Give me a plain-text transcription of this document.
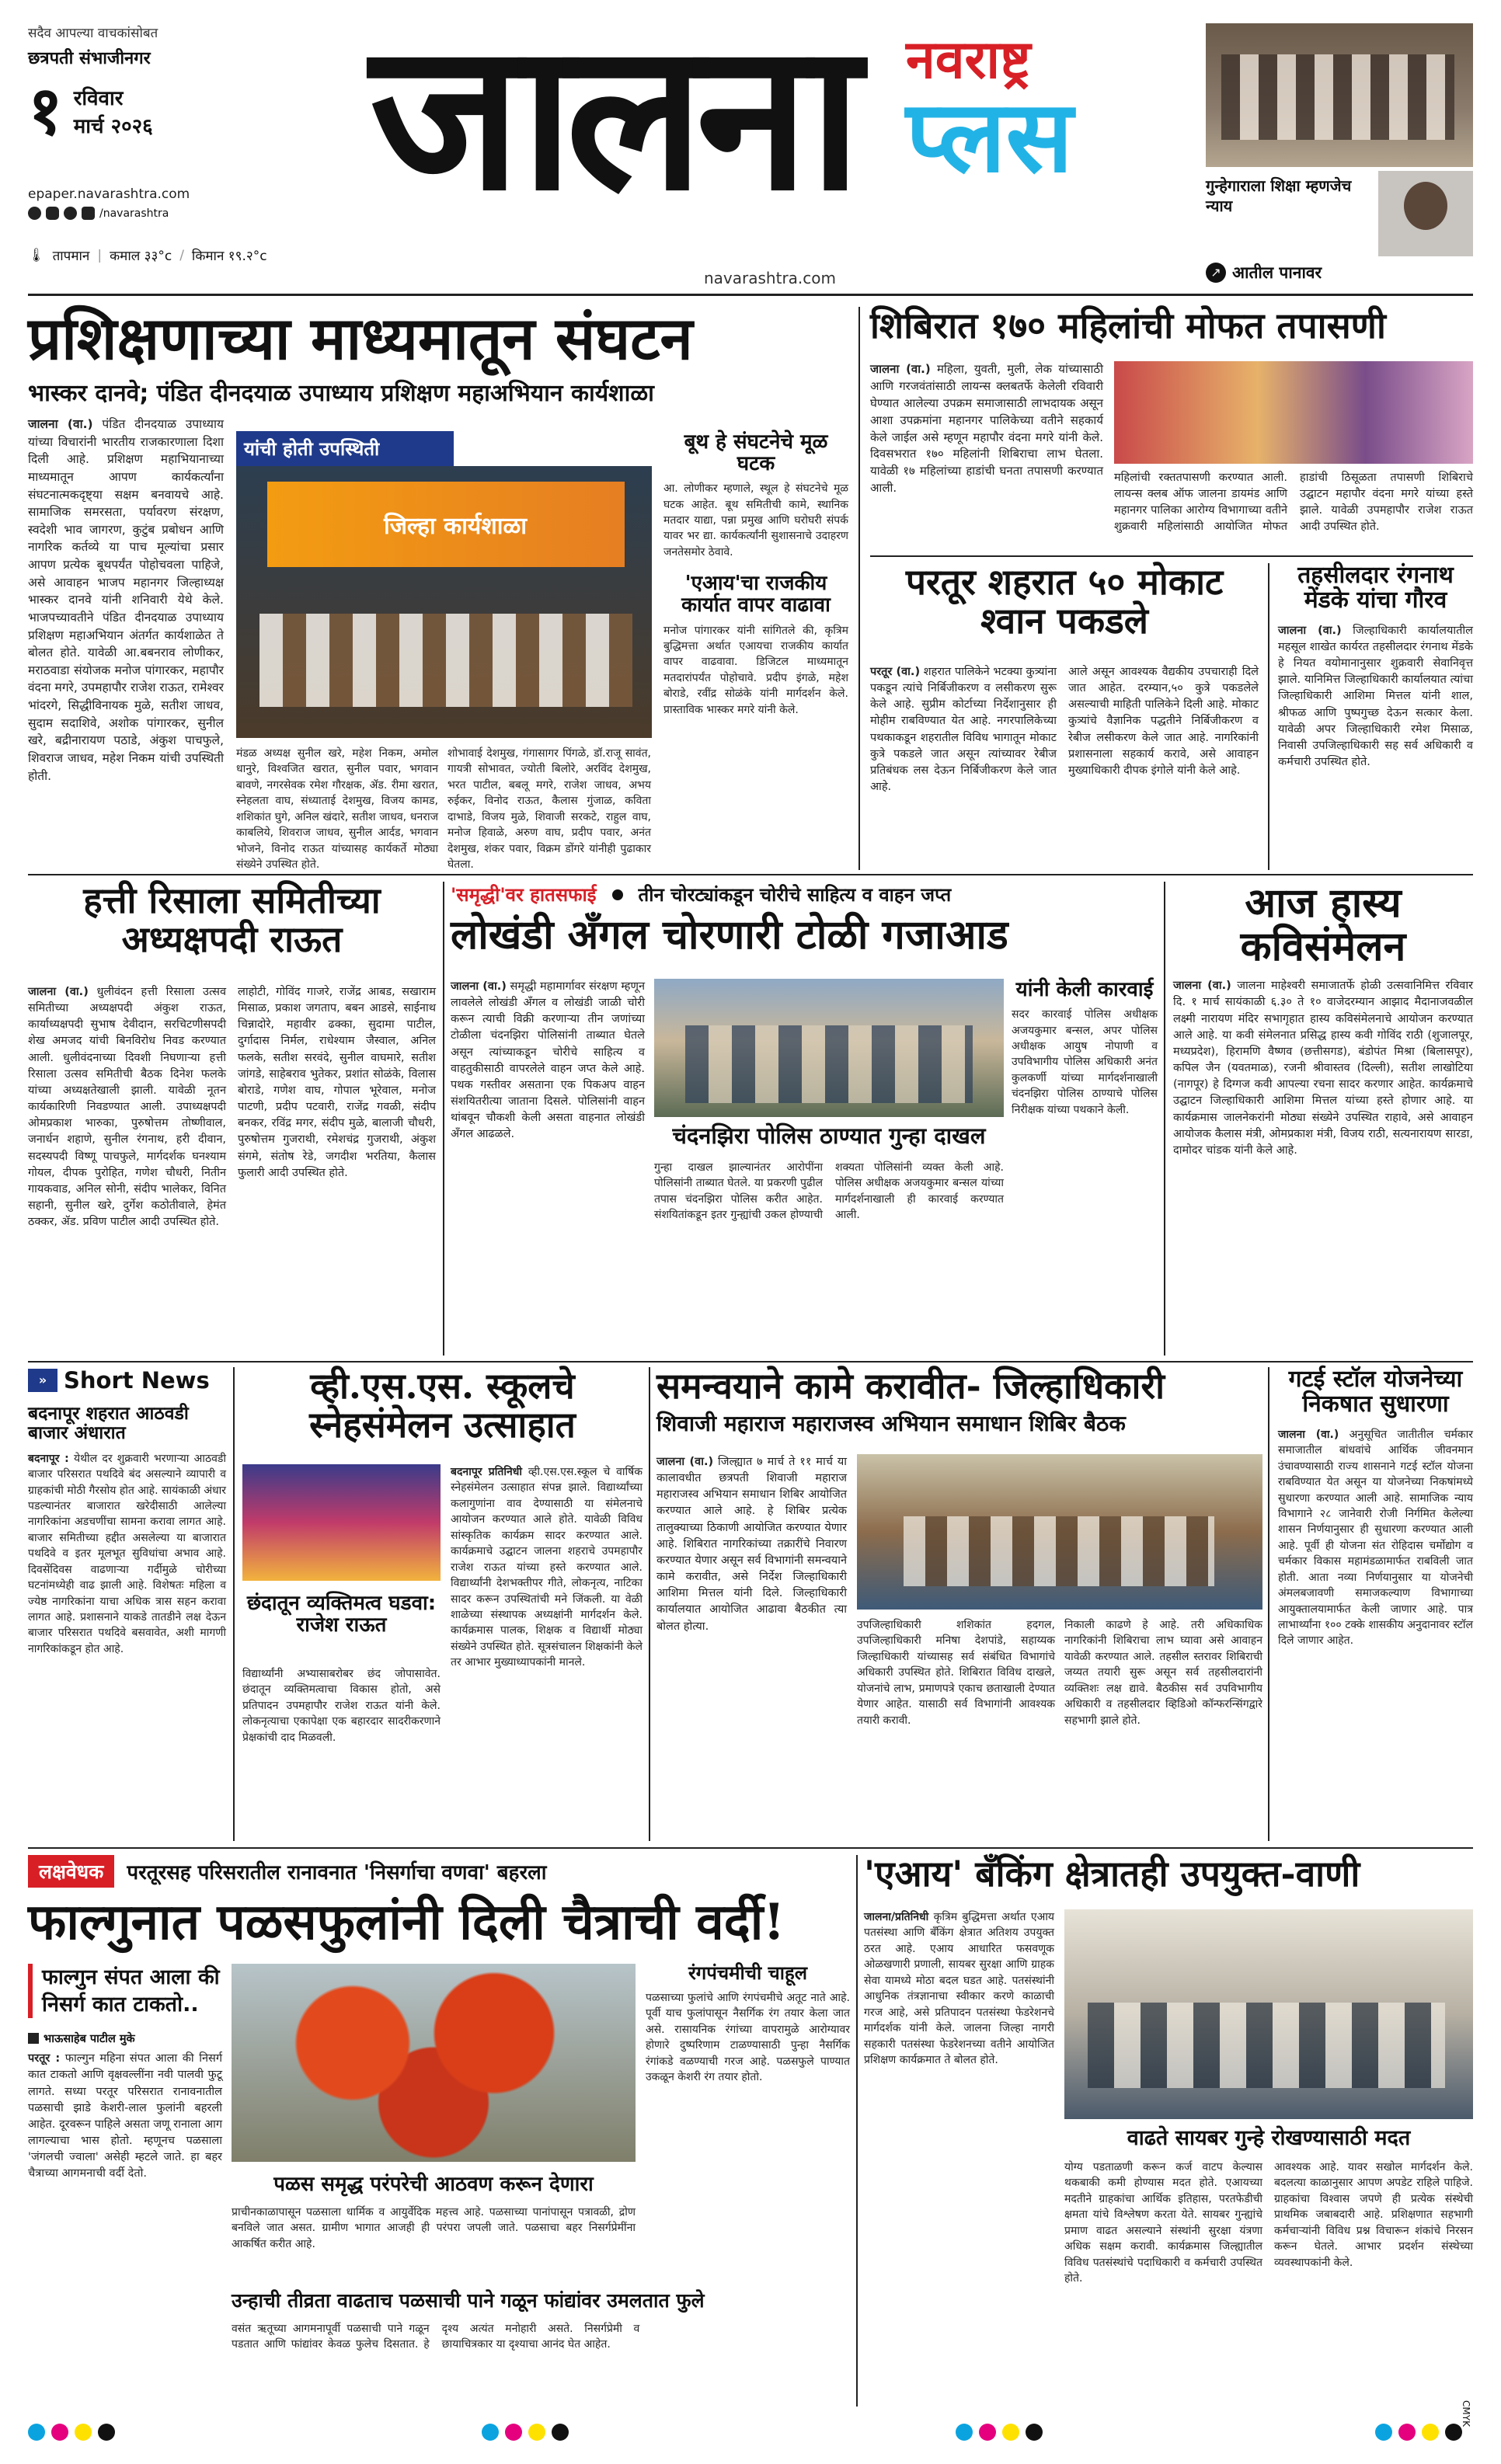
सदैव आपल्या वाचकांसोबत
छत्रपती संभाजीनगर
१ रविवार
मार्च २०२६
epaper.navarashtra.com
/navarashtra
🌡 तापमान | कमाल ३३°c / किमान १९.२°c
जालना नवराष्ट्र
प्लस	गुन्हेगाराला शिक्षा म्हणजेच न्याय
↗ आतील पानावर
navarashtra.com
प्रशिक्षणाच्या माध्यमातून संघटन
भास्कर दानवे; पंडित दीनदयाळ उपाध्याय प्रशिक्षण महाअभियान कार्यशाळा
जालना (वा.) पंडित दीनदयाळ उपाध्याय यांच्या विचारांनी भारतीय राजकारणाला दिशा दिली आहे. प्रशिक्षण महाभियानाच्या माध्यमातून आपण कार्यकर्त्यांना संघटनात्मकदृष्ट्या सक्षम बनवायचे आहे. सामाजिक समरसता, पर्यावरण संरक्षण, स्वदेशी भाव जागरण, कुटुंब प्रबोधन आणि नागरिक कर्तव्ये या पाच मूल्यांचा प्रसार आपण प्रत्येक बूथपर्यंत पोहोचवला पाहिजे, असे आवाहन भाजप महानगर जिल्हाध्यक्ष भास्कर दानवे यांनी शनिवारी येथे केले. भाजपच्यावतीने पंडित दीनदयाळ उपाध्याय प्रशिक्षण महाअभियान अंतर्गत कार्यशाळेत ते बोलत होते. यावेळी आ.बबनराव लोणीकर, मराठवाडा संयोजक मनोज पांगारकर, महापौर वंदना मगरे, उपमहापौर राजेश राऊत, रामेश्वर भांदरगे, सिद्धीविनायक मुळे, सतीश जाधव, सुदाम सदाशिवे, अशोक पांगारकर, सुनील खरे, बद्रीनारायण पठाडे, अंकुश पाचफुले, शिवराज जाधव, महेश निकम यांची उपस्थिती होती.
यांची होती उपस्थिती
जिल्हा कार्यशाळा
मंडळ अध्यक्ष सुनील खरे, महेश निकम, अमोल धानुरे, विश्वजित खरात, सुनील पवार, भगवान बावणे, नगरसेवक रमेश गौरक्षक, ॲड. रीमा खरात, स्नेहलता वाघ, संध्याताई देशमुख, विजय कामड, शशिकांत घुगे, अनिल खंदारे, सतीश जाधव, धनराज काबलिये, शिवराज जाधव, सुनील आर्दड, भगवान भोजने, विनोद राऊत यांच्यासह कार्यकर्ते मोठ्या संख्येने उपस्थित होते.
शोभावाई देशमुख, गंगासागर पिंगळे, डॉ.राजू सावंत, गायत्री सोभावत, ज्योती बिलोरे, अरविंद देशमुख, भरत पाटील, बबलू मगरे, राजेश जाधव, अभय रुईकर, विनोद राऊत, कैलास गुंजाळ, कविता दाभाडे, विजय मुळे, शिवाजी सरकटे, राहुल वाघ, मनोज हिवाळे, अरुण वाघ, प्रदीप पवार, अनंत देशमुख, शंकर पवार, विक्रम डोंगरे यांनीही पुढाकार घेतला.
बूथ हे संघटनेचे मूळ घटक
आ. लोणीकर म्हणाले, स्थूल हे संघटनेचे मूळ घटक आहेत. बूथ समितीची कामे, स्थानिक मतदार याद्या, पन्ना प्रमुख आणि घरोघरी संपर्क यावर भर द्या. कार्यकर्त्यांनी सुशासनाचे उदाहरण जनतेसमोर ठेवावे.
'एआय'चा राजकीय कार्यात वापर वाढावा
मनोज पांगारकर यांनी सांगितले की, कृत्रिम बुद्धिमत्ता अर्थात एआयचा राजकीय कार्यात वापर वाढवावा. डिजिटल माध्यमातून मतदारांपर्यंत पोहोचावे. प्रदीप इंगळे, महेश बोराडे, रवींद्र सोळंके यांनी मार्गदर्शन केले. प्रास्ताविक भास्कर मगरे यांनी केले.
शिबिरात १७० महिलांची मोफत तपासणी
जालना (वा.) महिला, युवती, मुली, लेक यांच्यासाठी आणि गरजवंतांसाठी लायन्स क्लबतर्फे केलेली रविवारी घेण्यात आलेल्या उपक्रम समाजासाठी लाभदायक असून आशा उपक्रमांना महानगर पालिकेच्या वतीने सहकार्य केले जाईल असे म्हणून महापौर वंदना मगरे यांनी केले. दिवसभरात १७० महिलांनी शिबिराचा लाभ घेतला. यावेळी १७ महिलांच्या हाडांची घनता तपासणी करण्यात आली.
महिलांची रक्ततपासणी करण्यात आली. लायन्स क्लब ऑफ जालना डायमंड आणि महानगर पालिका आरोग्य विभागाच्या वतीने शुक्रवारी महिलांसाठी आयोजित मोफत हाडांची ठिसूळता तपासणी शिबिराचे उद्घाटन महापौर वंदना मगरे यांच्या हस्ते झाले. यावेळी उपमहापौर राजेश राऊत आदी उपस्थित होते.
परतूर शहरात ५० मोकाट श्वान पकडले
परतूर (वा.) शहरात पालिकेने भटक्या कुत्र्यांना पकडून त्यांचे निर्बिजीकरण व लसीकरण सुरू केले आहे. सुप्रीम कोर्टाच्या निर्देशानुसार ही मोहीम राबविण्यात येत आहे. नगरपालिकेच्या पथकाकडून शहरातील विविध भागातून मोकाट कुत्रे पकडले जात असून त्यांच्यावर रेबीज प्रतिबंधक लस देऊन निर्बिजीकरण केले जात आहे.
आले असून आवश्यक वैद्यकीय उपचाराही दिले जात आहेत. दरम्यान,५० कुत्रे पकडलेले असल्याची माहिती पालिकेने दिली आहे. मोकाट कुत्र्यांचे वैज्ञानिक पद्धतीने निर्बिजीकरण व रेबीज लसीकरण केले जात आहे. नागरिकांनी प्रशासनाला सहकार्य करावे, असे आवाहन मुख्याधिकारी दीपक इंगोले यांनी केले आहे.
तहसीलदार रंगनाथ मेंडके यांचा गौरव
जालना (वा.) जिल्हाधिकारी कार्यालयातील महसूल शाखेत कार्यरत तहसीलदार रंगनाथ मेंडके हे नियत वयोमानानुसार शुक्रवारी सेवानिवृत्त झाले. यानिमित्त जिल्हाधिकारी कार्यालयात त्यांचा जिल्हाधिकारी आशिमा मित्तल यांनी शाल, श्रीफळ आणि पुष्पगुच्छ देऊन सत्कार केला. यावेळी अपर जिल्हाधिकारी रमेश मिसाळ, निवासी उपजिल्हाधिकारी सह सर्व अधिकारी व कर्मचारी उपस्थित होते.
हत्ती रिसाला समितीच्या अध्यक्षपदी राऊत
जालना (वा.) धुलीवंदन हत्ती रिसाला उत्सव समितीच्या अध्यक्षपदी अंकुश राऊत, कार्याध्यक्षपदी सुभाष देवीदान, सरचिटणीसपदी शेख अमजद यांची बिनविरोध निवड करण्यात आली. धुलीवंदनाच्या दिवशी निघणाऱ्या हत्ती रिसाला उत्सव समितीची बैठक दिनेश फलके यांच्या अध्यक्षतेखाली झाली. यावेळी नूतन कार्यकारिणी निवडण्यात आली. उपाध्यक्षपदी ओमप्रकाश भारुका, पुरुषोत्तम तोष्णीवाल, जनार्धन शहाणे, सुनील रंगनाथ, हरी दीवान, सदस्यपदी विष्णू पाचफुले, मार्गदर्शक घनश्याम गोयल, दीपक पुरोहित, गणेश चौधरी, नितीन गायकवाड, अनिल सोनी, संदीप भालेकर, विनित सहानी, सुनील खरे, दुर्गेश कठोतीवाले, हेमंत ठक्कर, ॲड. प्रविण पाटील आदी उपस्थित होते.
लाहोटी, गोविंद गाजरे, राजेंद्र आबड, सखाराम मिसाळ, प्रकाश जगताप, बबन आडसे, साईनाथ चिन्नादोरे, महावीर ढक्का, सुदामा पाटील, दुर्गादास निर्मल, राधेश्याम जैस्वाल, अनिल फलके, सतीश सरवंदे, सुनील वाघमारे, सतीश जांगडे, साहेबराव भुतेकर, प्रशांत सोळंके, विलास बोराडे, गणेश वाघ, गोपाल भूरेवाल, मनोज पाटणी, प्रदीप पटवारी, राजेंद्र गवळी, संदीप बनकर, रविंद्र मगर, संदीप मुळे, बालाजी चौधरी, पुरुषोत्तम गुजराथी, रमेशचंद्र गुजराथी, अंकुश संगमे, संतोष रेडे, जगदीश भरतिया, कैलास फुलारी आदी उपस्थित होते.
'समृद्धी'वर हातसफाई तीन चोरट्यांकडून चोरीचे साहित्य व वाहन जप्त
लोखंडी अँगल चोरणारी टोळी गजाआड
जालना (वा.) समृद्धी महामार्गावर संरक्षण म्हणून लावलेले लोखंडी अँगल व लोखंडी जाळी चोरी करून त्याची विक्री करणाऱ्या तीन जणांच्या टोळीला चंदनझिरा पोलिसांनी ताब्यात घेतले असून त्यांच्याकडून चोरीचे साहित्य व वाहतुकीसाठी वापरलेले वाहन जप्त केले आहे. पथक गस्तीवर असताना एक पिकअप वाहन संशयितरीत्या जाताना दिसले. पोलिसांनी वाहन थांबवून चौकशी केली असता वाहनात लोखंडी अँगल आढळले.	चंदनझिरा पोलिस ठाण्यात गुन्हा दाखल
गुन्हा दाखल झाल्यानंतर आरोपींना पोलिसांनी ताब्यात घेतले. या प्रकरणी पुढील तपास चंदनझिरा पोलिस करीत आहेत. संशयितांकडून इतर गुन्ह्यांची उकल होण्याची शक्यता पोलिसांनी व्यक्त केली आहे. पोलिस अधीक्षक अजयकुमार बन्सल यांच्या मार्गदर्शनाखाली ही कारवाई करण्यात आली.
यांनी केली कारवाई
सदर कारवाई पोलिस अधीक्षक अजयकुमार बन्सल, अपर पोलिस अधीक्षक आयुष नोपाणी व उपविभागीय पोलिस अधिकारी अनंत कुलकर्णी यांच्या मार्गदर्शनाखाली चंदनझिरा पोलिस ठाण्याचे पोलिस निरीक्षक यांच्या पथकाने केली.
आज हास्य कविसंमेलन
जालना (वा.) जालना माहेश्वरी समाजातर्फे होळी उत्सवानिमित्त रविवार दि. १ मार्च सायंकाळी ६.३० ते १० वाजेदरम्यान आझाद मैदानाजवळील लक्ष्मी नारायण मंदिर सभागृहात हास्य कविसंमेलनाचे आयोजन करण्यात आले आहे. या कवी संमेलनात प्रसिद्ध हास्य कवी गोविंद राठी (शुजालपूर, मध्यप्रदेश), हिरामणि वैष्णव (छत्तीसगड), बंडोपंत मिश्रा (बिलासपूर), कपिल जैन (यवतमाळ), रजनी श्रीवास्तव (दिल्ली), सतीश लाखोटिया (नागपूर) हे दिग्गज कवी आपल्या रचना सादर करणार आहेत. कार्यक्रमाचे उद्घाटन जिल्हाधिकारी आशिमा मित्तल यांच्या हस्ते होणार आहे. या कार्यक्रमास जालनेकरांनी मोठ्या संख्येने उपस्थित राहावे, असे आवाहन आयोजक कैलास मंत्री, ओमप्रकाश मंत्री, विजय राठी, सत्यनारायण सारडा, दामोदर चांडक यांनी केले आहे.
» Short News
बदनापूर शहरात आठवडी बाजार अंधारात
बदनापूर : येथील दर शुक्रवारी भरणाऱ्या आठवडी बाजार परिसरात पथदिवे बंद असल्याने व्यापारी व ग्राहकांची मोठी गैरसोय होत आहे. सायंकाळी अंधार पडल्यानंतर बाजारात खरेदीसाठी आलेल्या नागरिकांना अडचणींचा सामना करावा लागत आहे. बाजार समितीच्या हद्दीत असलेल्या या बाजारात पथदिवे व इतर मूलभूत सुविधांचा अभाव आहे. दिवसेंदिवस वाढणाऱ्या गर्दीमुळे चोरीच्या घटनांमध्येही वाढ झाली आहे. विशेषतः महिला व ज्येष्ठ नागरिकांना याचा अधिक त्रास सहन करावा लागत आहे. प्रशासनाने याकडे तातडीने लक्ष देऊन बाजार परिसरात पथदिवे बसवावेत, अशी मागणी नागरिकांकडून होत आहे.
व्ही.एस.एस. स्कूलचे स्नेहसंमेलन उत्साहात
छंदातून व्यक्तिमत्व घडवा: राजेश राऊत
विद्यार्थ्यांनी अभ्यासाबरोबर छंद जोपासावेत. छंदातून व्यक्तिमत्वाचा विकास होतो, असे प्रतिपादन उपमहापौर राजेश राऊत यांनी केले. लोकनृत्याचा एकापेक्षा एक बहारदार सादरीकरणाने प्रेक्षकांची दाद मिळवली.
बदनापूर प्रतिनिधी व्ही.एस.एस.स्कूल चे वार्षिक स्नेहसंमेलन उत्साहात संपन्न झाले. विद्यार्थ्यांच्या कलागुणांना वाव देण्यासाठी या संमेलनाचे आयोजन करण्यात आले होते. यावेळी विविध सांस्कृतिक कार्यक्रम सादर करण्यात आले. कार्यक्रमाचे उद्घाटन जालना शहराचे उपमहापौर राजेश राऊत यांच्या हस्ते करण्यात आले. विद्यार्थ्यांनी देशभक्तीपर गीते, लोकनृत्य, नाटिका सादर करून उपस्थितांची मने जिंकली. या वेळी शाळेच्या संस्थापक अध्यक्षांनी मार्गदर्शन केले. कार्यक्रमास पालक, शिक्षक व विद्यार्थी मोठ्या संख्येने उपस्थित होते. सूत्रसंचालन शिक्षकांनी केले तर आभार मुख्याध्यापकांनी मानले.
समन्वयाने कामे करावीत- जिल्हाधिकारी
शिवाजी महाराज महाराजस्व अभियान समाधान शिबिर बैठक
जालना (वा.) जिल्ह्यात ७ मार्च ते ११ मार्च या कालावधीत छत्रपती शिवाजी महाराज महाराजस्व अभियान समाधान शिबिर आयोजित करण्यात आले आहे. हे शिबिर प्रत्येक तालुक्याच्या ठिकाणी आयोजित करण्यात येणार आहे. शिबिरात नागरिकांच्या तक्रारींचे निवारण करण्यात येणार असून सर्व विभागांनी समन्वयाने कामे करावीत, असे निर्देश जिल्हाधिकारी आशिमा मित्तल यांनी दिले. जिल्हाधिकारी कार्यालयात आयोजित आढावा बैठकीत त्या बोलत होत्या.	उपजिल्हाधिकारी शशिकांत हदगल, उपजिल्हाधिकारी मनिषा देशपांडे, सहाय्यक जिल्हाधिकारी यांच्यासह सर्व संबंधित विभागांचे अधिकारी उपस्थित होते. शिबिरात विविध दाखले, योजनांचे लाभ, प्रमाणपत्रे एकाच छताखाली देण्यात येणार आहेत. यासाठी सर्व विभागांनी आवश्यक तयारी करावी.
निकाली काढणे हे आहे. तरी अधिकाधिक नागरिकांनी शिबिराचा लाभ घ्यावा असे आवाहन यावेळी करण्यात आले. तहसील स्तरावर शिबिराची जय्यत तयारी सुरू असून सर्व तहसीलदारांनी व्यक्तिशः लक्ष द्यावे. बैठकीस सर्व उपविभागीय अधिकारी व तहसीलदार व्हिडिओ कॉन्फरन्सिंगद्वारे सहभागी झाले होते.
गटई स्टॉल योजनेच्या निकषात सुधारणा
जालना (वा.) अनुसूचित जातीतील चर्मकार समाजातील बांधवांचे आर्थिक जीवनमान उंचावण्यासाठी राज्य शासनाने गटई स्टॉल योजना राबविण्यात येत असून या योजनेच्या निकषांमध्ये सुधारणा करण्यात आली आहे. सामाजिक न्याय विभागाने २८ जानेवारी रोजी निर्गमित केलेल्या शासन निर्णयानुसार ही सुधारणा करण्यात आली आहे. पूर्वी ही योजना संत रोहिदास चर्मोद्योग व चर्मकार विकास महामंडळामार्फत राबविली जात होती. आता नव्या निर्णयानुसार या योजनेची अंमलबजावणी समाजकल्याण विभागाच्या आयुक्तालयामार्फत केली जाणार आहे. पात्र लाभार्थ्यांना १०० टक्के शासकीय अनुदानावर स्टॉल दिले जाणार आहेत.
लक्षवेधक	परतूरसह परिसरातील रानावनात 'निसर्गाचा वणवा' बहरला
फाल्गुनात पळसफुलांनी दिली चैत्राची वर्दी!
फाल्गुन संपत आला की निसर्ग कात टाकतो..
भाऊसाहेब पाटील मुके
परतूर : फाल्गुन महिना संपत आला की निसर्ग कात टाकतो आणि वृक्षवल्लींना नवी पालवी फुटू लागते. सध्या परतूर परिसरात रानावनातील पळसाची झाडे केशरी-लाल फुलांनी बहरली आहेत. दूरवरून पाहिले असता जणू रानाला आग लागल्याचा भास होतो. म्हणूनच पळसाला 'जंगलची ज्वाला' असेही म्हटले जाते. हा बहर चैत्राच्या आगमनाची वर्दी देतो.	पळस समृद्ध परंपरेची आठवण करून देणारा
प्राचीनकाळापासून पळसाला धार्मिक व आयुर्वेदिक महत्त्व आहे. पळसाच्या पानांपासून पत्रावळी, द्रोण बनविले जात असत. ग्रामीण भागात आजही ही परंपरा जपली जाते. पळसाचा बहर निसर्गप्रेमींना आकर्षित करीत आहे.
रंगपंचमीची चाहूल
पळसाच्या फुलांचे आणि रंगपंचमीचे अतूट नाते आहे. पूर्वी याच फुलांपासून नैसर्गिक रंग तयार केला जात असे. रासायनिक रंगांच्या वापरामुळे आरोग्यावर होणारे दुष्परिणाम टाळण्यासाठी पुन्हा नैसर्गिक रंगांकडे वळण्याची गरज आहे. पळसफुले पाण्यात उकळून केशरी रंग तयार होतो.
उन्हाची तीव्रता वाढताच पळसाची पाने गळून फांद्यांवर उमलतात फुले
वसंत ऋतूच्या आगमनापूर्वी पळसाची पाने गळून पडतात आणि फांद्यांवर केवळ फुलेच दिसतात. हे दृश्य अत्यंत मनोहारी असते. निसर्गप्रेमी व छायाचित्रकार या दृश्याचा आनंद घेत आहेत.
'एआय' बँकिंग क्षेत्रातही उपयुक्त-वाणी
जालना/प्रतिनिधी कृत्रिम बुद्धिमत्ता अर्थात एआय पतसंस्था आणि बँकिंग क्षेत्रात अतिशय उपयुक्त ठरत आहे. एआय आधारित फसवणूक ओळखणारी प्रणाली, सायबर सुरक्षा आणि ग्राहक सेवा यामध्ये मोठा बदल घडत आहे. पतसंस्थांनी आधुनिक तंत्रज्ञानाचा स्वीकार करणे काळाची गरज आहे, असे प्रतिपादन पतसंस्था फेडरेशनचे मार्गदर्शक यांनी केले. जालना जिल्हा नागरी सहकारी पतसंस्था फेडरेशनच्या वतीने आयोजित प्रशिक्षण कार्यक्रमात ते बोलत होते.
वाढते सायबर गुन्हे रोखण्यासाठी मदत
योग्य पडताळणी करून कर्ज वाटप केल्यास थकबाकी कमी होण्यास मदत होते. एआयच्या मदतीने ग्राहकांचा आर्थिक इतिहास, परतफेडीची क्षमता यांचे विश्लेषण करता येते. सायबर गुन्ह्यांचे प्रमाण वाढत असल्याने संस्थांनी सुरक्षा यंत्रणा अधिक सक्षम करावी. कार्यक्रमास जिल्ह्यातील विविध पतसंस्थांचे पदाधिकारी व कर्मचारी उपस्थित होते.
आवश्यक आहे. यावर सखोल मार्गदर्शन केले. बदलत्या काळानुसार आपण अपडेट राहिले पाहिजे. ग्राहकांचा विश्वास जपणे ही प्रत्येक संस्थेची प्राथमिक जबाबदारी आहे. प्रशिक्षणात सहभागी कर्मचाऱ्यांनी विविध प्रश्न विचारून शंकांचे निरसन करून घेतले. आभार प्रदर्शन संस्थेच्या व्यवस्थापकांनी केले.
CMYK
